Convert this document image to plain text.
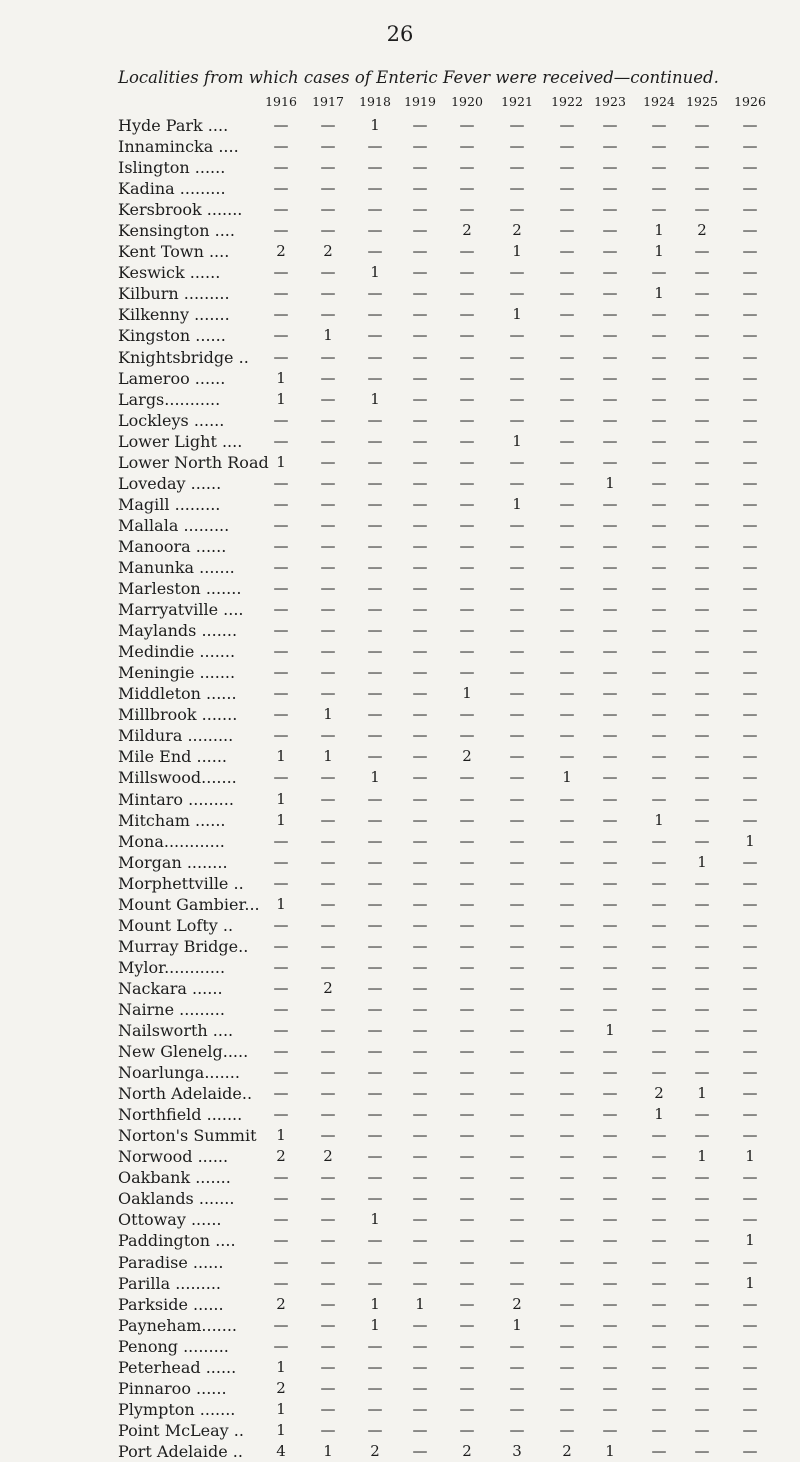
26
Localities from which cases of Enteric Fever were received—continued.
1916	1917	1918	1919	1920	1921	1922 1923	1924 1925	1926
Hyde Park ....	—	—	1	—	—	—	—	—	—	—	—
Innamincka ....	—	—	—	—	—	—	—	—	—	—	—
Islington ......	—	—	—	—	—	—	—	—	—	—	—
Kadina .........	—	—	—	—	—	—	—	—	—	—	—
Kersbrook .......	—	—	—	—	—	—	—	—	—	—	—
Kensington ....	—	—	—	—	2	2	—	—	1	2	—
Kent Town ....	2	2	—	—	—	1	—	—	1	—	—
Keswick ......	—	—	1	—	—	—	—	—	—	—	—
Kilburn .........	—	—	—	—	—	—	—	—	1	—	—
Kilkenny .......	—	—	—	—	—	1	—	—	—	—	—
Kingston ......	—	1	—	—	—	—	—	—	—	—	—
Knightsbridge ..	—	—	—	—	—	—	—	—	—	—	—
Lameroo ......	1	—	—	—	—	—	—	—	—	—	—
Largs...........	1	—	1	—	—	—	—	—	—	—	—
Lockleys ......	—	—	—	—	—	—	—	—	—	—	—
Lower Light ....	—	—	—	—	—	1	—	—	—	—	—
Lower North Road 1	—	—	—	—	—	—	—	—	—	—
Loveday ......	—	—	—	—	—	—	—	1	—	—	—
Magill .........	—	—	—	—	—	1	—	—	—	—	—
Mallala .........	—	—	—	—	—	—	—	—	—	—	—
Manoora ......	—	—	—	—	—	—	—	—	—	—	—
Manunka .......	—	—	—	—	—	—	—	—	—	—	—
Marleston .......	—	—	—	—	—	—	—	—	—	—	—
Marryatville ....	—	—	—	—	—	—	—	—	—	—	—
Maylands .......	—	—	—	—	—	—	—	—	—	—	—
Medindie .......	—	—	—	—	—	—	—	—	—	—	—
Meningie .......	—	—	—	—	—	—	—	—	—	—	—
Middleton ......	—	—	—	—	1	—	—	—	—	—	—
Millbrook .......	—	1	—	—	—	—	—	—	—	—	—
Mildura .........	—	—	—	—	—	—	—	—	—	—	—
Mile End ......	1	1	—	—	2	—	—	—	—	—	—
Millswood.......	—	—	1	—	—	—	1	—	—	—	—
Mintaro .........	1	—	—	—	—	—	—	—	—	—	—
Mitcham ......	1	—	—	—	—	—	—	—	1	—	—
Mona............	—	—	—	—	—	—	—	—	—	—	1
Morgan ........	—	—	—	—	—	—	—	—	—	1	—
Morphettville ..	—	—	—	—	—	—	—	—	—	—	—
Mount Gambier...	1	—	—	—	—	—	—	—	—	—	—
Mount Lofty ..	—	—	—	—	—	—	—	—	—	—	—
Murray Bridge..	—	—	—	—	—	—	—	—	—	—	—
Mylor............	—	—	—	—	—	—	—	—	—	—	—
Nackara ......	—	2	—	—	—	—	—	—	—	—	—
Nairne .........	—	—	—	—	—	—	—	—	—	—	—
Nailsworth ....	—	—	—	—	—	—	—	1	—	—	—
New Glenelg.....	—	—	—	—	—	—	—	—	—	—	—
Noarlunga.......	—	—	—	—	—	—	—	—	—	—	—
North Adelaide..	—	—	—	—	—	—	—	—	2	1	—
Northfield .......	—	—	—	—	—	—	—	—	1	—	—
Norton's Summit	1	—	—	—	—	—	—	—	—	—	—
Norwood ......	2	2	—	—	—	—	—	—	—	1	1
Oakbank .......	—	—	—	—	—	—	—	—	—	—	—
Oaklands .......	—	—	—	—	—	—	—	—	—	—	—
Ottoway ......	—	—	1	—	—	—	—	—	—	—	—
Paddington ....	—	—	—	—	—	—	—	—	—	—	1
Paradise ......	—	—	—	—	—	—	—	—	—	—	—
Parilla .........	—	—	—	—	—	—	—	—	—	—	1
Parkside ......	2	—	1	1	—	2	—	—	—	—	—
Payneham.......	—	—	1	—	—	1	—	—	—	—	—
Penong .........	—	—	—	—	—	—	—	—	—	—	—
Peterhead ......	1	—	—	—	—	—	—	—	—	—	—
Pinnaroo ......	2	—	—	—	—	—	—	—	—	—	—
Plympton .......	1	—	—	—	—	—	—	—	—	—	—
Point McLeay ..	1	—	—	—	—	—	—	—	—	—	—
Port Adelaide ..	4	1	2	—	2	3	2	1	—	—	—
